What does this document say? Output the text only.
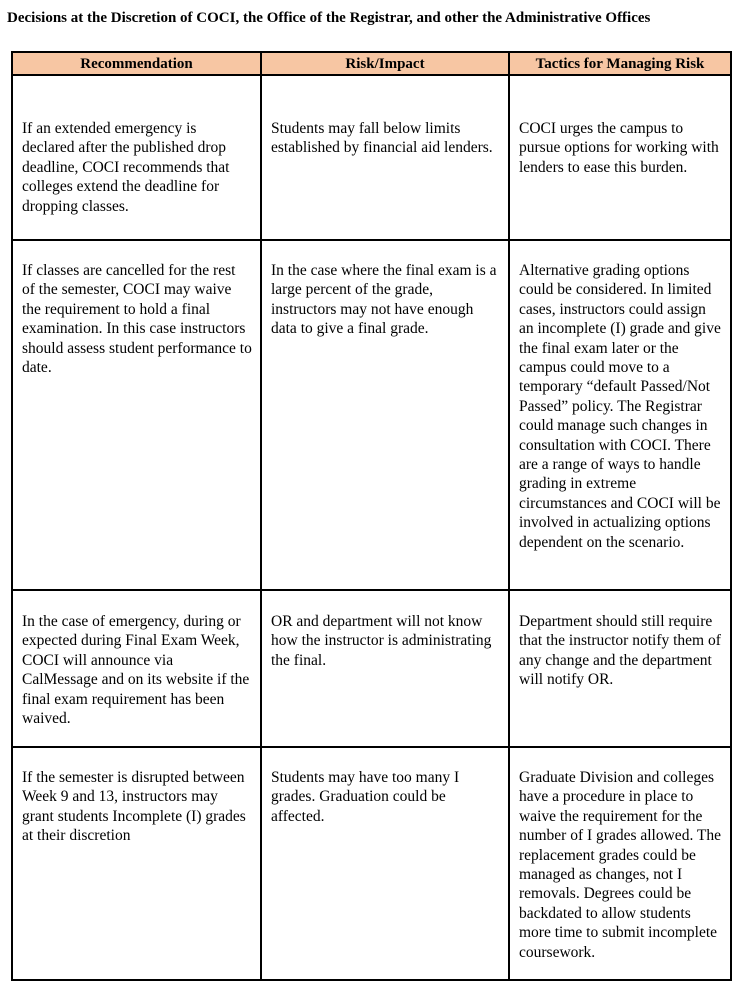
Decisions at the Discretion of COCI, the Office of the Registrar, and other the Administrative Offices
Recommendation	Risk/Impact	Tactics for Managing Risk

If an extended emergency is declared after the published drop deadline, COCI recommends that colleges extend the deadline for dropping classes.	Students may fall below limits established by financial aid lenders.	COCI urges the campus to pursue options for working with lenders to ease this burden.

If classes are cancelled for the rest of the semester, COCI may waive the requirement to hold a final examination. In this case instructors should assess student performance to date.	In the case where the final exam is a large percent of the grade, instructors may not have enough data to give a final grade.	Alternative grading options could be considered. In limited cases, instructors could assign an incomplete (I) grade and give the final exam later or the campus could move to a temporary “default Passed/Not Passed” policy. The Registrar could manage such changes in consultation with COCI. There are a range of ways to handle grading in extreme circumstances and COCI will be involved in actualizing options dependent on the scenario.

In the case of emergency, during or expected during Final Exam Week, COCI will announce via CalMessage and on its website if the final exam requirement has been waived.	OR and department will not know how the instructor is administrating the final.	Department should still require that the instructor notify them of any change and the department will notify OR.

If the semester is disrupted between Week 9 and 13, instructors may grant students Incomplete (I) grades at their discretion	Students may have too many I grades. Graduation could be affected.	Graduate Division and colleges have a procedure in place to waive the requirement for the number of I grades allowed. The replacement grades could be managed as changes, not I removals. Degrees could be backdated to allow students more time to submit incomplete coursework.
